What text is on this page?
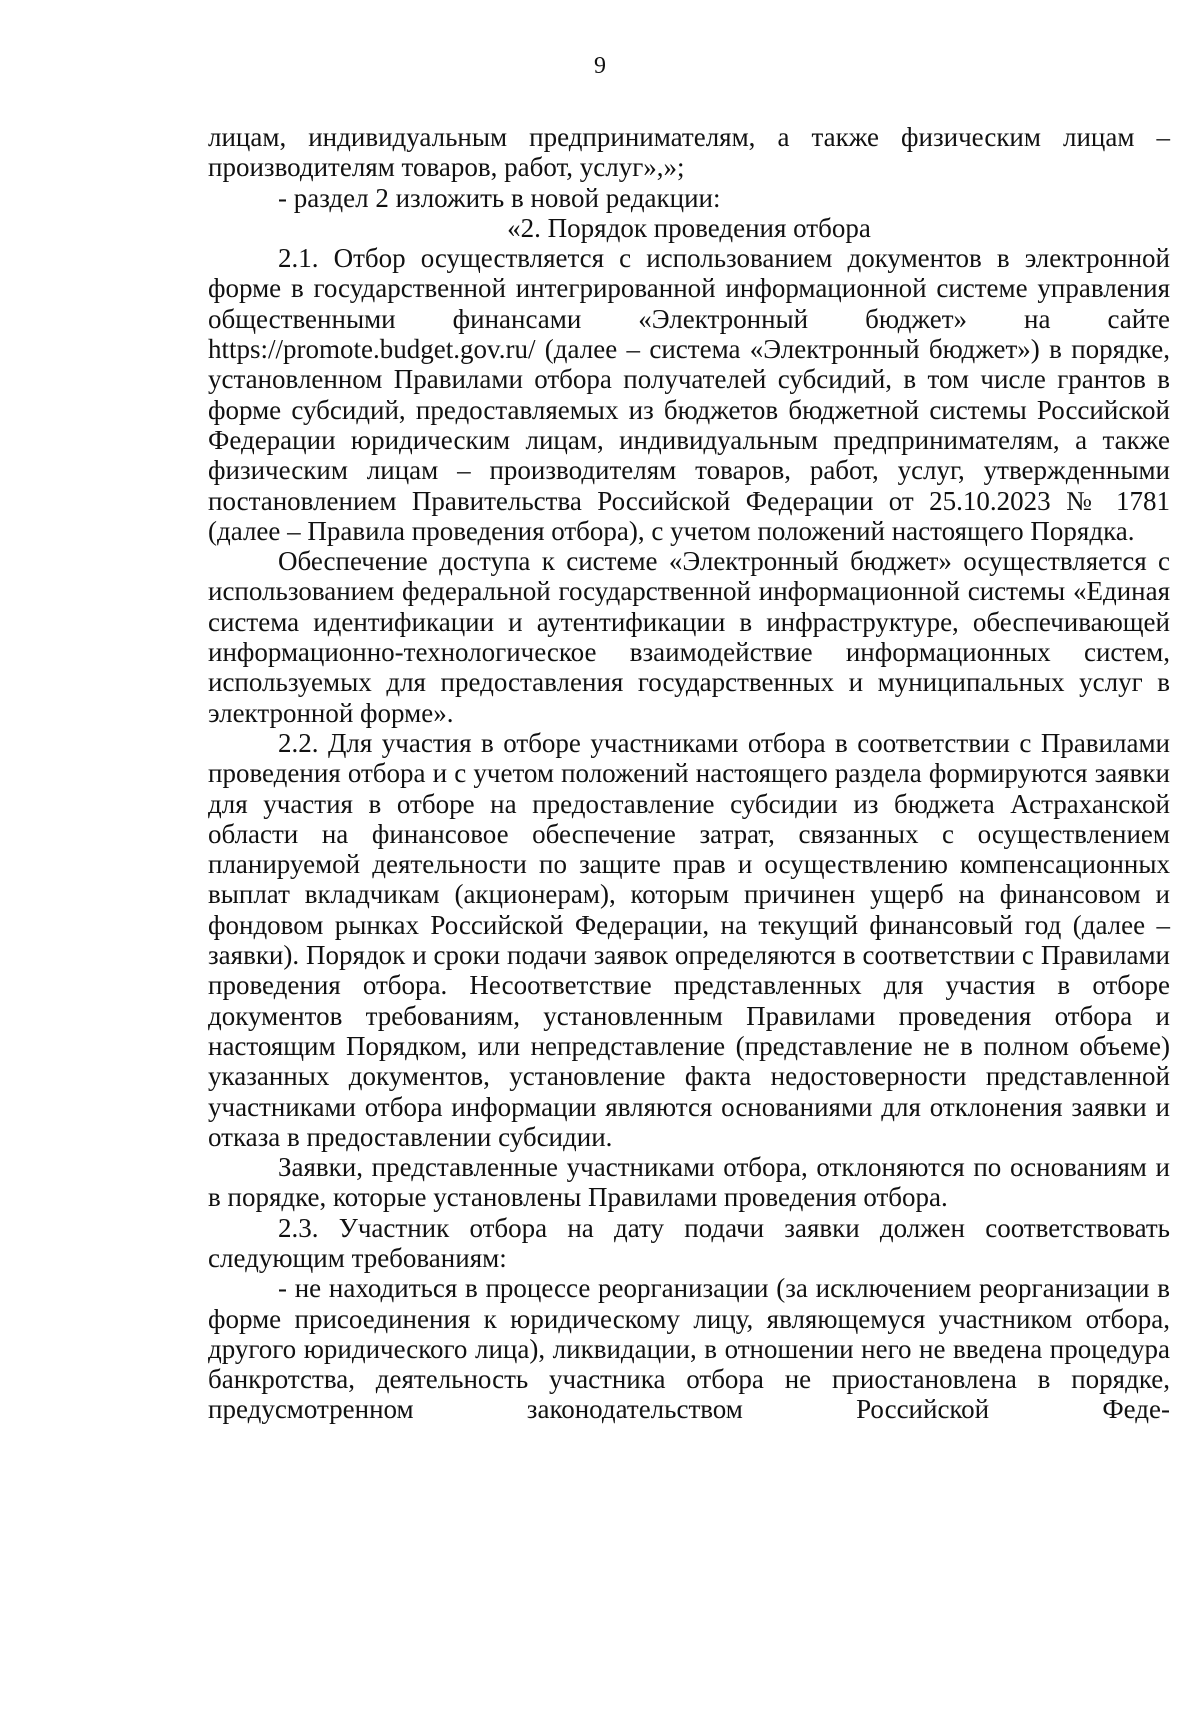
9

лицам, индивидуальным предпринимателям, а также физическим лицам – производителям товаров, работ, услуг»,»;

- раздел 2 изложить в новой редакции:

«2. Порядок проведения отбора

2.1. Отбор осуществляется с использованием документов в электронной форме в государственной интегрированной информационной системе управления общественными финансами «Электронный бюджет» на сайте https://promote.budget.gov.ru/ (далее – система «Электронный бюджет») в порядке, установленном Правилами отбора получателей субсидий, в том числе грантов в форме субсидий, предоставляемых из бюджетов бюджетной системы Российской Федерации юридическим лицам, индивидуальным предпринимателям, а также физическим лицам – производителям товаров, работ, услуг, утвержденными постановлением Правительства Российской Федерации от 25.10.2023 № 1781 (далее – Правила проведения отбора), с учетом положений настоящего Порядка.

Обеспечение доступа к системе «Электронный бюджет» осуществляется с использованием федеральной государственной информационной системы «Единая система идентификации и аутентификации в инфраструктуре, обеспечивающей информационно-технологическое взаимодействие информационных систем, используемых для предоставления государственных и муниципальных услуг в электронной форме».

2.2. Для участия в отборе участниками отбора в соответствии с Правилами проведения отбора и с учетом положений настоящего раздела формируются заявки для участия в отборе на предоставление субсидии из бюджета Астраханской области на финансовое обеспечение затрат, связанных с осуществлением планируемой деятельности по защите прав и осуществлению компенсационных выплат вкладчикам (акционерам), которым причинен ущерб на финансовом и фондовом рынках Российской Федерации, на текущий финансовый год (далее – заявки). Порядок и сроки подачи заявок определяются в соответствии с Правилами проведения отбора. Несоответствие представленных для участия в отборе документов требованиям, установленным Правилами проведения отбора и настоящим Порядком, или непредставление (представление не в полном объеме) указанных документов, установление факта недостоверности представленной участниками отбора информации являются основаниями для отклонения заявки и отказа в предоставлении субсидии.

Заявки, представленные участниками отбора, отклоняются по основаниям и в порядке, которые установлены Правилами проведения отбора.

2.3. Участник отбора на дату подачи заявки должен соответствовать следующим требованиям:

- не находиться в процессе реорганизации (за исключением реорганизации в форме присоединения к юридическому лицу, являющемуся участником отбора, другого юридического лица), ликвидации, в отношении него не введена процедура банкротства, деятельность участника отбора не приостановлена в порядке, предусмотренном законодательством Российской Феде-
